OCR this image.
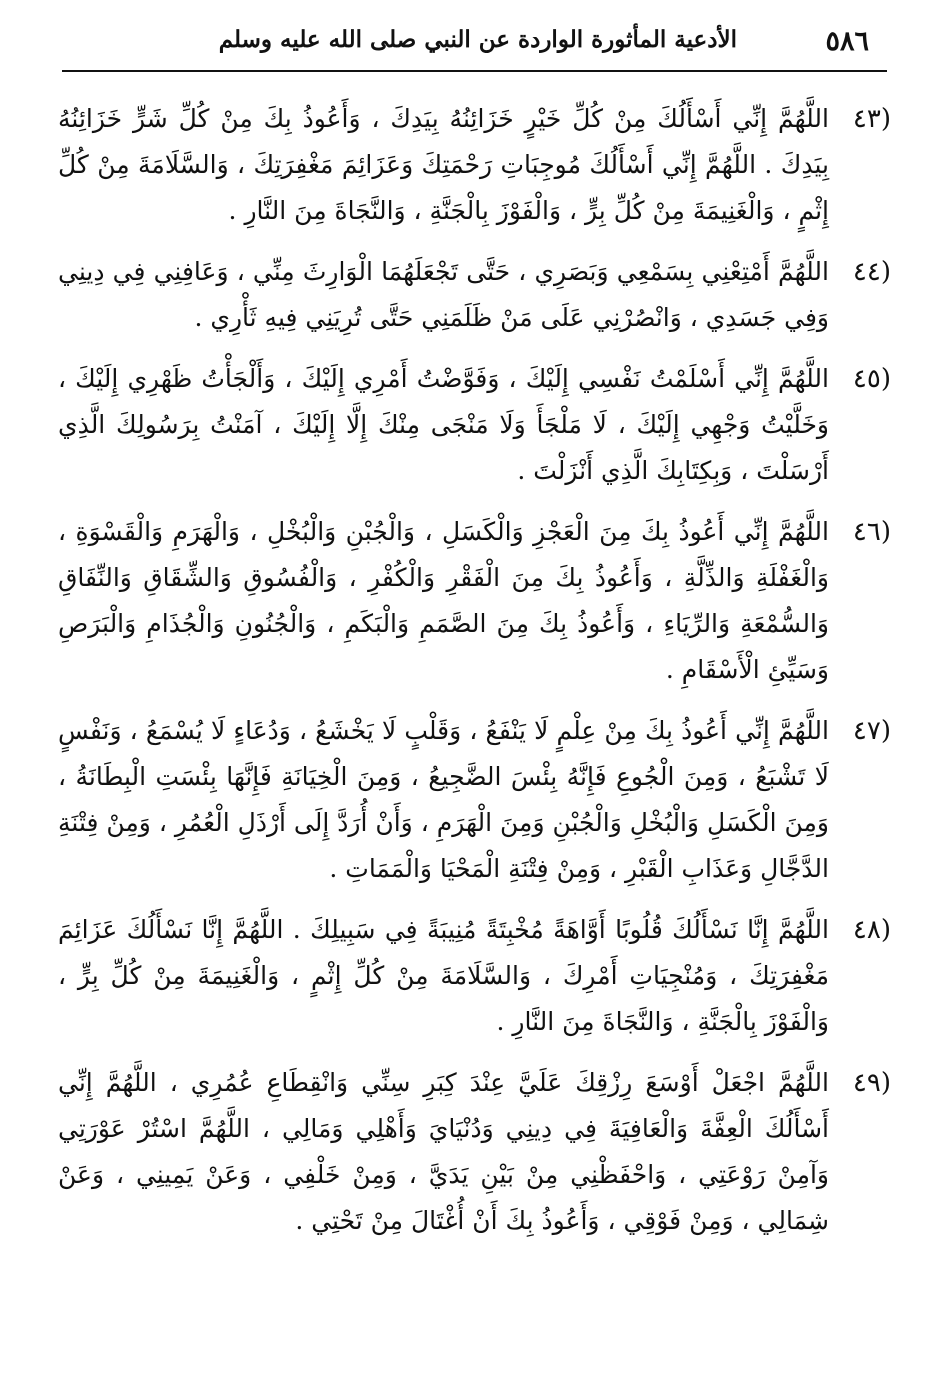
٥٨٦
الأدعية المأثورة الواردة عن النبي صلى الله عليه وسلم
(٤٣
اللَّهُمَّ إِنِّي أَسْأَلُكَ مِنْ كُلِّ خَيْرٍ خَزَائِنُهُ بِيَدِكَ ، وَأَعُوذُ بِكَ مِنْ كُلِّ شَرٍّ خَزَائِنُهُ بِيَدِكَ . اللَّهُمَّ إِنِّي أَسْأَلُكَ مُوجِبَاتِ رَحْمَتِكَ وَعَزَائِمَ مَغْفِرَتِكَ ، وَالسَّلَامَةَ مِنْ كُلِّ إِثْمٍ ، وَالْغَنِيمَةَ مِنْ كُلِّ بِرٍّ ، وَالْفَوْزَ بِالْجَنَّةِ ، وَالنَّجَاةَ مِنَ النَّارِ .
(٤٤
اللَّهُمَّ أَمْتِعْنِي بِسَمْعِي وَبَصَرِي ، حَتَّى تَجْعَلَهُمَا الْوَارِثَ مِنِّي ، وَعَافِنِي فِي دِينِي وَفِي جَسَدِي ، وَانْصُرْنِي عَلَى مَنْ ظَلَمَنِي حَتَّى تُرِيَنِي فِيهِ ثَأْرِي .
(٤٥
اللَّهُمَّ إِنِّي أَسْلَمْتُ نَفْسِي إِلَيْكَ ، وَفَوَّضْتُ أَمْرِي إِلَيْكَ ، وَأَلْجَأْتُ ظَهْرِي إِلَيْكَ ، وَخَلَّيْتُ وَجْهِي إِلَيْكَ ، لَا مَلْجَأَ وَلَا مَنْجَى مِنْكَ إِلَّا إِلَيْكَ ، آمَنْتُ بِرَسُولِكَ الَّذِي أَرْسَلْتَ ، وَبِكِتَابِكَ الَّذِي أَنْزَلْتَ .
(٤٦
اللَّهُمَّ إِنِّي أَعُوذُ بِكَ مِنَ الْعَجْزِ وَالْكَسَلِ ، وَالْجُبْنِ وَالْبُخْلِ ، وَالْهَرَمِ وَالْقَسْوَةِ ، وَالْغَفْلَةِ وَالذِّلَّةِ ، وَأَعُوذُ بِكَ مِنَ الْفَقْرِ وَالْكُفْرِ ، وَالْفُسُوقِ وَالشِّقَاقِ وَالنِّفَاقِ وَالسُّمْعَةِ وَالرِّيَاءِ ، وَأَعُوذُ بِكَ مِنَ الصَّمَمِ وَالْبَكَمِ ، وَالْجُنُونِ وَالْجُذَامِ وَالْبَرَصِ وَسَيِّئِ الْأَسْقَامِ .
(٤٧
اللَّهُمَّ إِنِّي أَعُوذُ بِكَ مِنْ عِلْمٍ لَا يَنْفَعُ ، وَقَلْبٍ لَا يَخْشَعُ ، وَدُعَاءٍ لَا يُسْمَعُ ، وَنَفْسٍ لَا تَشْبَعُ ، وَمِنَ الْجُوعِ فَإِنَّهُ بِئْسَ الضَّجِيعُ ، وَمِنَ الْخِيَانَةِ فَإِنَّهَا بِئْسَتِ الْبِطَانَةُ ، وَمِنَ الْكَسَلِ وَالْبُخْلِ وَالْجُبْنِ وَمِنَ الْهَرَمِ ، وَأَنْ أُرَدَّ إِلَى أَرْذَلِ الْعُمُرِ ، وَمِنْ فِتْنَةِ الدَّجَّالِ وَعَذَابِ الْقَبْرِ ، وَمِنْ فِتْنَةِ الْمَحْيَا وَالْمَمَاتِ .
(٤٨
اللَّهُمَّ إِنَّا نَسْأَلُكَ قُلُوبًا أَوَّاهَةً مُخْبِتَةً مُنِيبَةً فِي سَبِيلِكَ . اللَّهُمَّ إِنَّا نَسْأَلُكَ عَزَائِمَ مَغْفِرَتِكَ ، وَمُنْجِيَاتِ أَمْرِكَ ، وَالسَّلَامَةَ مِنْ كُلِّ إِثْمٍ ، وَالْغَنِيمَةَ مِنْ كُلِّ بِرٍّ ، وَالْفَوْزَ بِالْجَنَّةِ ، وَالنَّجَاةَ مِنَ النَّارِ .
(٤٩
اللَّهُمَّ اجْعَلْ أَوْسَعَ رِزْقِكَ عَلَيَّ عِنْدَ كِبَرِ سِنِّي وَانْقِطَاعِ عُمُرِي ، اللَّهُمَّ إِنِّي أَسْأَلُكَ الْعِفَّةَ وَالْعَافِيَةَ فِي دِينِي وَدُنْيَايَ وَأَهْلِي وَمَالِي ، اللَّهُمَّ اسْتُرْ عَوْرَتِي وَآمِنْ رَوْعَتِي ، وَاحْفَظْنِي مِنْ بَيْنِ يَدَيَّ ، وَمِنْ خَلْفِي ، وَعَنْ يَمِينِي ، وَعَنْ شِمَالِي ، وَمِنْ فَوْقِي ، وَأَعُوذُ بِكَ أَنْ أُغْتَالَ مِنْ تَحْتِي .
